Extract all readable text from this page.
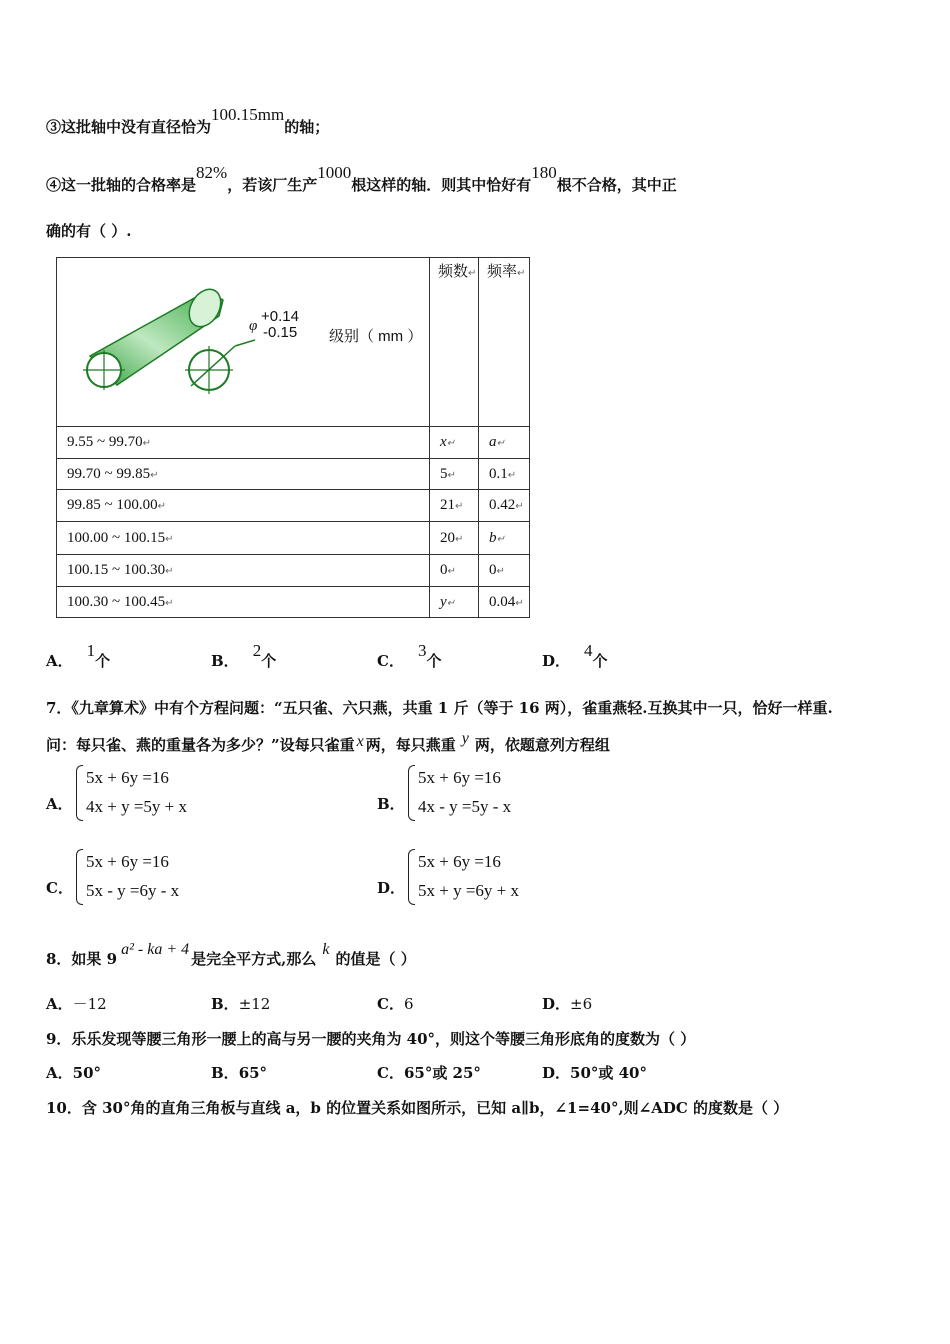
③这批轴中没有直径恰为100.15mm的轴；
④这一批轴的合格率是82%，若该厂生产1000根这样的轴．则其中恰好有180根不合格，其中正
确的有（ ）.
φ
+0.14
-0.15 级别（ mm ）	频数↵	频率↵
9.55 ~ 99.70↵	x↵	a↵
99.70 ~ 99.85↵	5↵	0.1↵
99.85 ~ 100.00↵	21↵	0.42↵
100.00 ~ 100.15↵	20↵	b↵
100.15 ~ 100.30↵	0↵	0↵
100.30 ~ 100.45↵	y↵	0.04↵
A．1个	B．2个	C．3个	D．4个
7．《九章算术》中有个方程问题：“五只雀、六只燕，共重 1 斤（等于 16 两），雀重燕轻.互换其中一只，恰好一样重.
问：每只雀、燕的重量各为多少？”设每只雀重 x 两，每只燕重 y 两，依题意列方程组
A．
5x + 6y =16
4x + y =5y + x	B．
5x + 6y =16
4x - y =5y - x
C．
5x + 6y =16
5x - y =6y - x	D．
5x + 6y =16
5x + y =6y + x
8．如果 9a² - ka + 4是完全平方式,那么k的值是（ ）
A．－12	B．±12	C．6	D．±6
9．乐乐发现等腰三角形一腰上的高与另一腰的夹角为 40°，则这个等腰三角形底角的度数为（ ）
A．50°	B．65°	C．65°或 25°	D．50°或 40°
10．含 30°角的直角三角板与直线 a，b 的位置关系如图所示，已知 a∥b，∠1=40°,则∠ADC 的度数是（ ）
